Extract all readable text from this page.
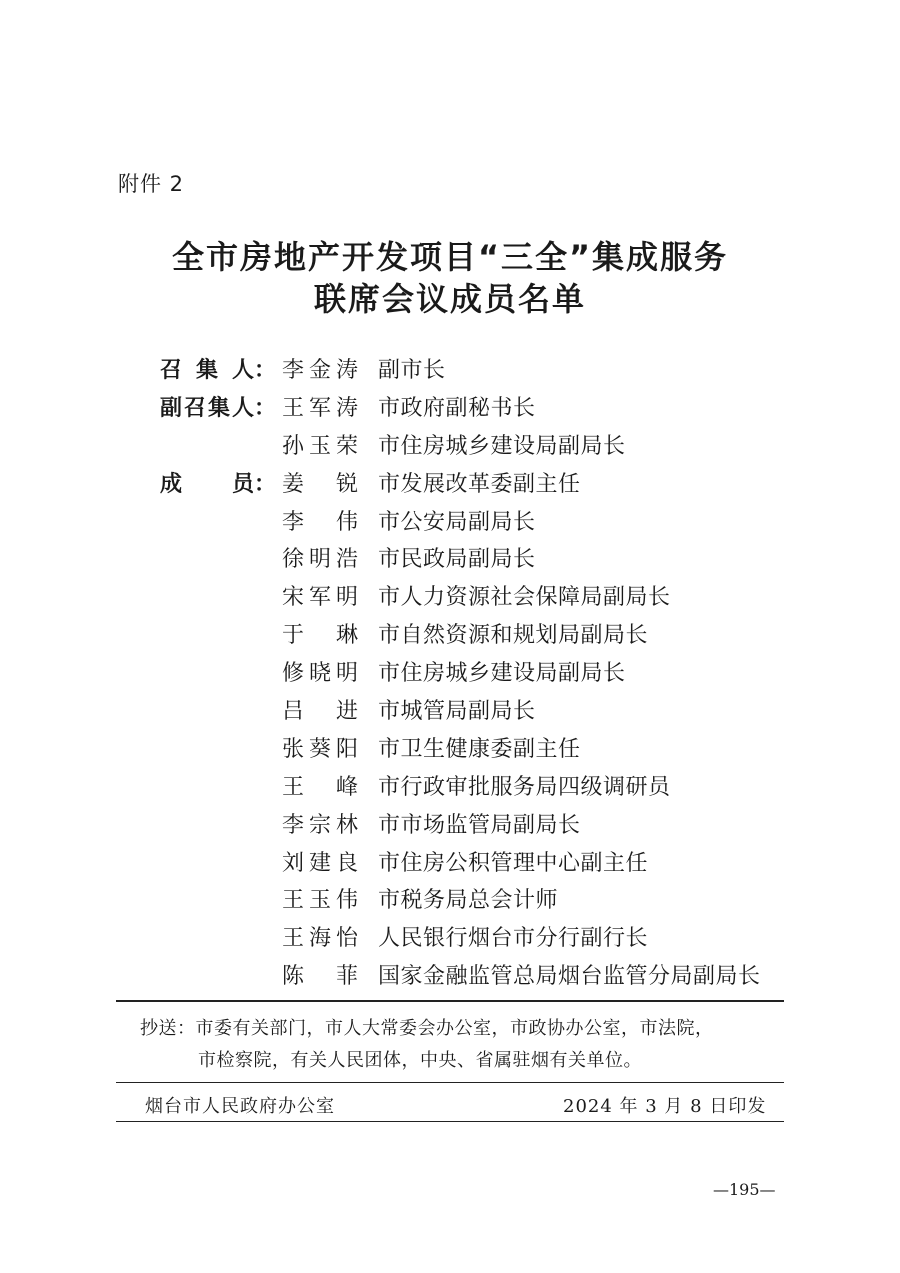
附件 2
全市房地产开发项目“三全”集成服务
联席会议成员名单
召 集 人 ： 李金涛 副市长
副 召 集 人 ： 王军涛 市政府副秘书长
孙玉荣 市住房城乡建设局副局长
成 员 ： 姜 锐 市发展改革委副主任
李 伟 市公安局副局长
徐明浩 市民政局副局长
宋军明 市人力资源社会保障局副局长
于 琳 市自然资源和规划局副局长
修晓明 市住房城乡建设局副局长
吕 进 市城管局副局长
张葵阳 市卫生健康委副主任
王 峰 市行政审批服务局四级调研员
李宗林 市市场监管局副局长
刘建良 市住房公积管理中心副主任
王玉伟 市税务局总会计师
王海怡 人民银行烟台市分行副行长
陈 菲 国家金融监管总局烟台监管分局副局长
抄送：市委有关部门，市人大常委会办公室，市政协办公室，市法院，
市检察院，有关人民团体，中央、省属驻烟有关单位。
烟台市人民政府办公室	2024 年 3 月 8 日印发
—195—
